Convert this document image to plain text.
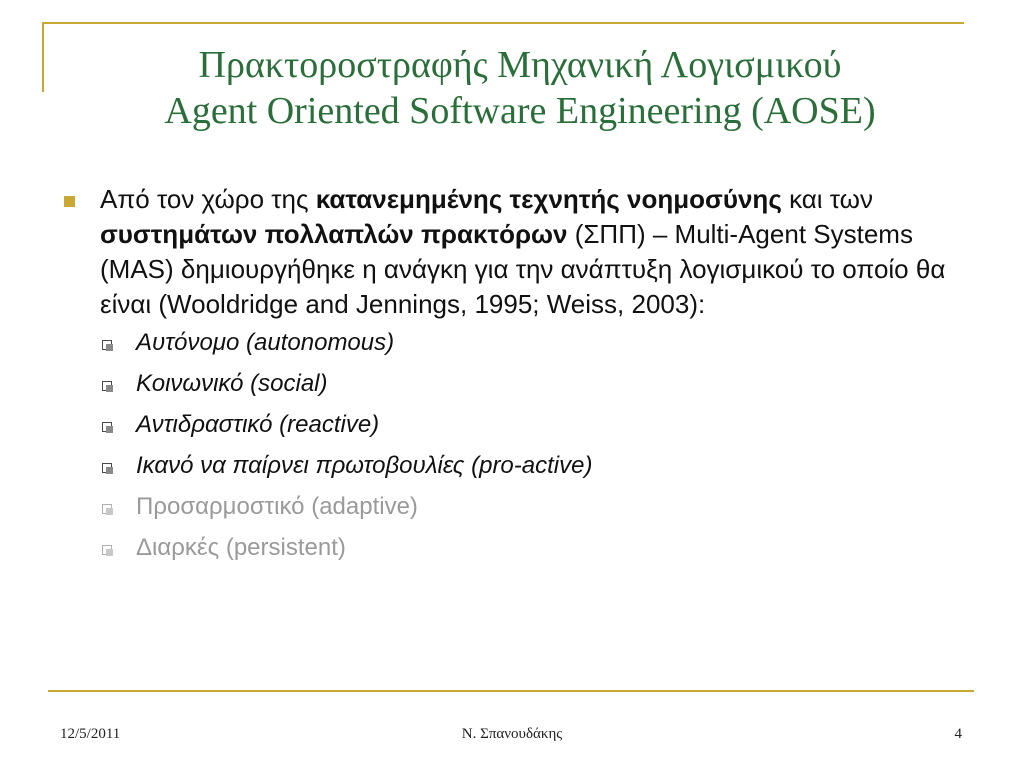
Πρακτοροστραφής Μηχανική Λογισμικού
Agent Oriented Software Engineering (AOSE)
Από τον χώρο της κατανεμημένης τεχνητής νοημοσύνης και των συστημάτων πολλαπλών πρακτόρων (ΣΠΠ) – Multi-Agent Systems (MAS) δημιουργήθηκε η ανάγκη για την ανάπτυξη λογισμικού το οποίο θα είναι (Wooldridge and Jennings, 1995; Weiss, 2003):
Αυτόνομο (autonomous)
Κοινωνικό (social)
Αντιδραστικό (reactive)
Ικανό να παίρνει πρωτοβουλίες (pro-active)
Προσαρμοστικό (adaptive)
Διαρκές (persistent)
12/5/2011	Ν. Σπανουδάκης	4
